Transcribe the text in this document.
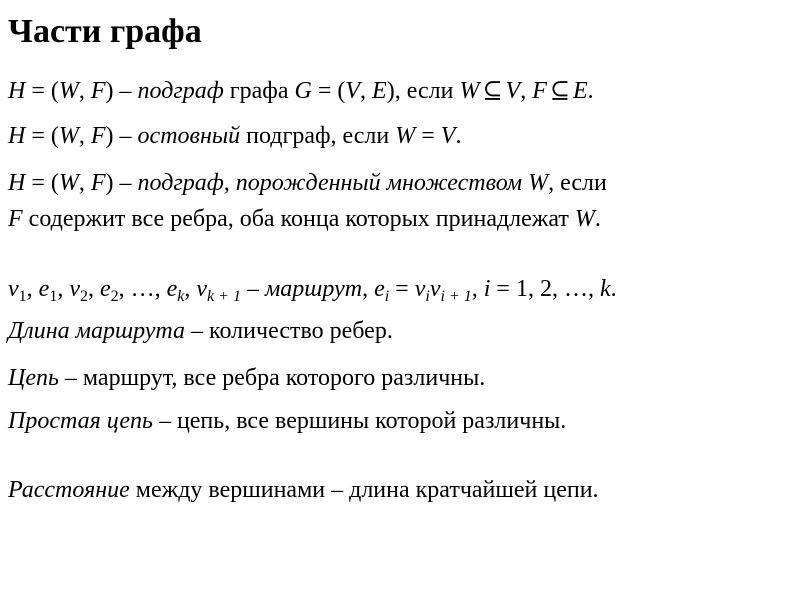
Части графа
H = (W, F) – подграф графа G = (V, E), если W ⊆ V, F ⊆ E.
H = (W, F) – остовный подграф, если W = V.
H = (W, F) – подграф, порожденный множеством W, если
F содержит все ребра, оба конца которых принадлежат W.
$v_1$, $e_1$, $v_2$, $e_2$, …, $e_k$, $v_{k + 1}$ – маршрут, $e_i = v_iv_{i + 1}$, i = 1, 2, …, k.
Длина маршрута – количество ребер.
Цепь – маршрут, все ребра которого различны.
Простая цепь – цепь, все вершины которой различны.
Расстояние между вершинами – длина кратчайшей цепи.
